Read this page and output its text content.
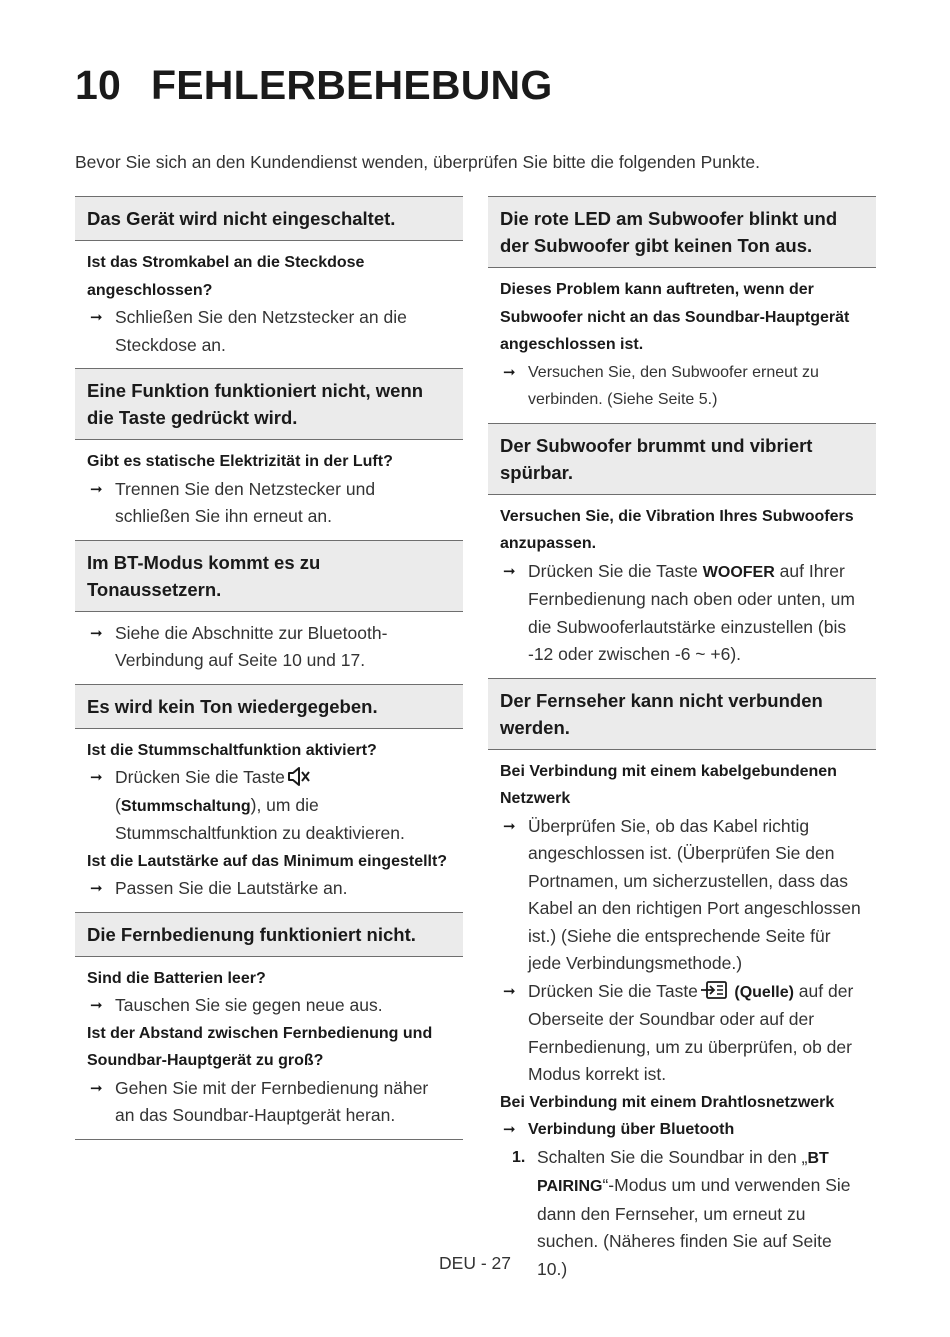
10 FEHLERBEHEBUNG

Bevor Sie sich an den Kundendienst wenden, überprüfen Sie bitte die folgenden Punkte.

Das Gerät wird nicht eingeschaltet.
Ist das Stromkabel an die Steckdose angeschlossen?
➞ Schließen Sie den Netzstecker an die Steckdose an.
Eine Funktion funktioniert nicht, wenn die Taste gedrückt wird.
Gibt es statische Elektrizität in der Luft?
➞ Trennen Sie den Netzstecker und schließen Sie ihn erneut an.
Im BT-Modus kommt es zu Tonaussetzern.
➞ Siehe die Abschnitte zur Bluetooth-Verbindung auf Seite 10 und 17.
Es wird kein Ton wiedergegeben.
Ist die Stummschaltfunktion aktiviert?
➞ Drücken Sie die Taste (Stummschaltung), um die Stummschaltfunktion zu deaktivieren.
Ist die Lautstärke auf das Minimum eingestellt?
➞ Passen Sie die Lautstärke an.
Die Fernbedienung funktioniert nicht.
Sind die Batterien leer?
➞ Tauschen Sie sie gegen neue aus.
Ist der Abstand zwischen Fernbedienung und Soundbar-Hauptgerät zu groß?
➞ Gehen Sie mit der Fernbedienung näher an das Soundbar-Hauptgerät heran.
Die rote LED am Subwoofer blinkt und der Subwoofer gibt keinen Ton aus.
Dieses Problem kann auftreten, wenn der Subwoofer nicht an das Soundbar-Hauptgerät angeschlossen ist.
➞ Versuchen Sie, den Subwoofer erneut zu verbinden. (Siehe Seite 5.)
Der Subwoofer brummt und vibriert spürbar.
Versuchen Sie, die Vibration Ihres Subwoofers anzupassen.
➞ Drücken Sie die Taste WOOFER auf Ihrer Fernbedienung nach oben oder unten, um die Subwooferlautstärke einzustellen (bis -12 oder zwischen -6 ~ +6).
Der Fernseher kann nicht verbunden werden.
Bei Verbindung mit einem kabelgebundenen Netzwerk
➞ Überprüfen Sie, ob das Kabel richtig angeschlossen ist. (Überprüfen Sie den Portnamen, um sicherzustellen, dass das Kabel an den richtigen Port angeschlossen ist.) (Siehe die entsprechende Seite für jede Verbindungsmethode.)
➞ Drücken Sie die Taste (Quelle) auf der Oberseite der Soundbar oder auf der Fernbedienung, um zu überprüfen, ob der Modus korrekt ist.
Bei Verbindung mit einem Drahtlosnetzwerk
➞ Verbindung über Bluetooth
1. Schalten Sie die Soundbar in den „BT PAIRING“-Modus um und verwenden Sie dann den Fernseher, um erneut zu suchen. (Näheres finden Sie auf Seite 10.)
DEU - 27
